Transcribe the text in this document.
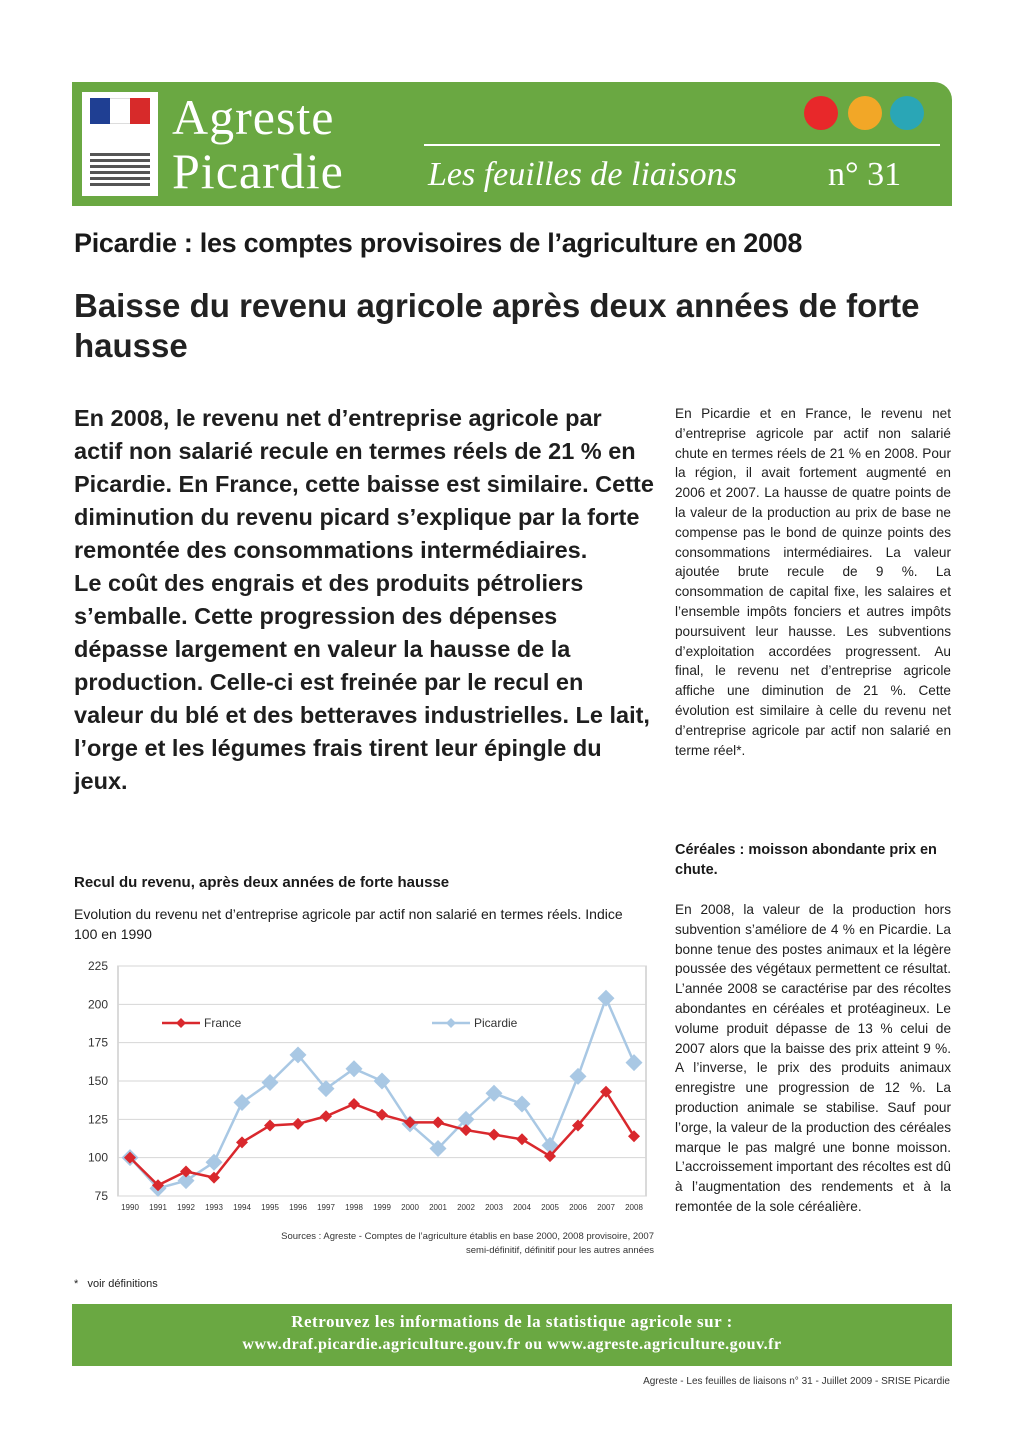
Agreste
Picardie Les feuilles de liaisons	n° 31
Picardie : les comptes provisoires de l’agriculture en 2008
Baisse du revenu agricole après deux années de forte hausse

En 2008, le revenu net d’entreprise agricole par actif non salarié recule en termes réels de 21 % en Picardie. En France, cette baisse est similaire. Cette diminution du revenu picard s’explique par la forte remontée des consommations intermédiaires.

Le coût des engrais et des produits pétroliers s’emballe. Cette progression des dépenses dépasse largement en valeur la hausse de la production. Celle-ci est freinée par le recul en valeur du blé et des betteraves industrielles. Le lait, l’orge et les légumes frais tirent leur épingle du jeux.

En Picardie et en France, le revenu net d’entreprise agricole par actif non salarié chute en termes réels de 21 % en 2008. Pour la région, il avait fortement augmenté en 2006 et 2007. La hausse de quatre points de la valeur de la production au prix de base ne compense pas le bond de quinze points des consommations intermédiaires. La valeur ajoutée brute recule de 9 %. La consommation de capital fixe, les salaires et l’ensemble impôts fonciers et autres impôts poursuivent leur hausse. Les subventions d’exploitation accordées progressent. Au final, le revenu net d’entreprise agricole affiche une diminution de 21 %. Cette évolution est similaire à celle du revenu net d’entreprise agricole par actif non salarié en terme réel*.

Céréales : moisson abondante prix en chute.

En 2008, la valeur de la production hors subvention s’améliore de 4 % en Picardie. La bonne tenue des postes animaux et la légère poussée des végétaux permettent ce résultat. L’année 2008 se caractérise par des récoltes abondantes en céréales et protéagineux. Le volume produit dépasse de 13 % celui de 2007 alors que la baisse des prix atteint 9 %. A l’inverse, le prix des produits animaux enregistre une progression de 12 %. La production animale se stabilise. Sauf pour l’orge, la valeur de la production des céréales marque le pas malgré une bonne moisson. L’accroissement important des récoltes est dû à l’augmentation des rendements et à la remontée de la sole céréalière.

Recul du revenu, après deux années de forte hausse
Evolution du revenu net d’entreprise agricole par actif non salarié en termes réels. Indice 100 en 1990
75
100
125
150
175
200
225
1990 1991 1992 1993 1994 1995 1996 1997 1998 1999 2000 2001 2002 2003 2004 2005 2006 2007 2008
France	Picardie
Sources : Agreste - Comptes de l’agriculture établis en base 2000, 2008 provisoire, 2007 semi-définitif, définitif pour les autres années
*   voir définitions
Retrouvez les informations de la statistique agricole sur :
www.draf.picardie.agriculture.gouv.fr ou www.agreste.agriculture.gouv.fr
Agreste - Les feuilles de liaisons n° 31 - Juillet 2009 - SRISE Picardie
